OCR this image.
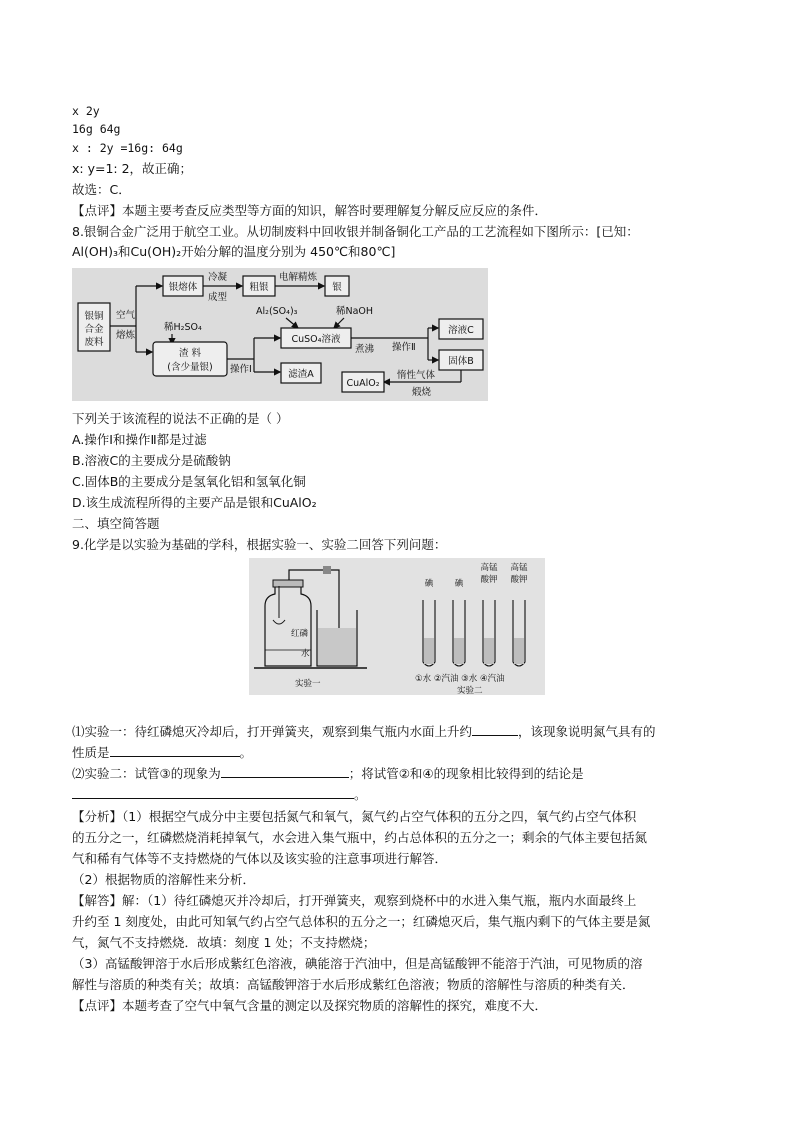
x 2y
16g 64g
x : 2y =16g: 64g
x: y=1: 2，故正确；
故选：C．
【点评】本题主要考查反应类型等方面的知识，解答时要理解复分解反应反应的条件．
8.银铜合金广泛用于航空工业。从切制废料中回收银并制备铜化工产品的工艺流程如下图所示：[已知：
Al(OH)₃和Cu(OH)₂开始分解的温度分别为 450℃和80℃]
银铜
合金
废料
空气
熔炼
银熔体
冷凝
成型
粗银
电解精炼
银
稀H₂SO₄
渣 料
(含少量银) 操作Ⅰ
Al₂(SO₄)₃	稀NaOH
CuSO₄溶液
煮沸
滤渣A
操作Ⅱ
溶液C
固体B
惰性气体
煅烧
CuAlO₂
下列关于该流程的说法不正确的是（ ）
A.操作Ⅰ和操作Ⅱ都是过滤
B.溶液C的主要成分是硫酸钠
C.固体B的主要成分是氢氧化铝和氢氧化铜
D.该生成流程所得的主要产品是银和CuAlO₂
二、填空简答题
9.化学是以实验为基础的学科，根据实验一、实验二回答下列问题：
红磷
水
实验一
碘	碘
高锰
酸钾
高锰
酸钾
①水 ②汽油 ③水 ④汽油
实验二
⑴实验一：待红磷熄灭冷却后，打开弹簧夹，观察到集气瓶内水面上升约	，该现象说明氮气具有的
性质是	。
⑵实验二：试管③的现象为	；将试管②和④的现象相比较得到的结论是
。
【分析】（1）根据空气成分中主要包括氮气和氧气，氮气约占空气体积的五分之四，氧气约占空气体积
的五分之一，红磷燃烧消耗掉氧气，水会进入集气瓶中，约占总体积的五分之一；剩余的气体主要包括氮
气和稀有气体等不支持燃烧的气体以及该实验的注意事项进行解答．
（2）根据物质的溶解性来分析．
【解答】解：（1）待红磷熄灭并冷却后，打开弹簧夹，观察到烧杯中的水进入集气瓶，瓶内水面最终上
升约至 1 刻度处，由此可知氧气约占空气总体积的五分之一；红磷熄灭后，集气瓶内剩下的气体主要是氮
气，氮气不支持燃烧．故填：刻度 1 处；不支持燃烧；
（3）高锰酸钾溶于水后形成紫红色溶液，碘能溶于汽油中，但是高锰酸钾不能溶于汽油，可见物质的溶
解性与溶质的种类有关；故填：高锰酸钾溶于水后形成紫红色溶液；物质的溶解性与溶质的种类有关．
【点评】本题考查了空气中氧气含量的测定以及探究物质的溶解性的探究，难度不大．
